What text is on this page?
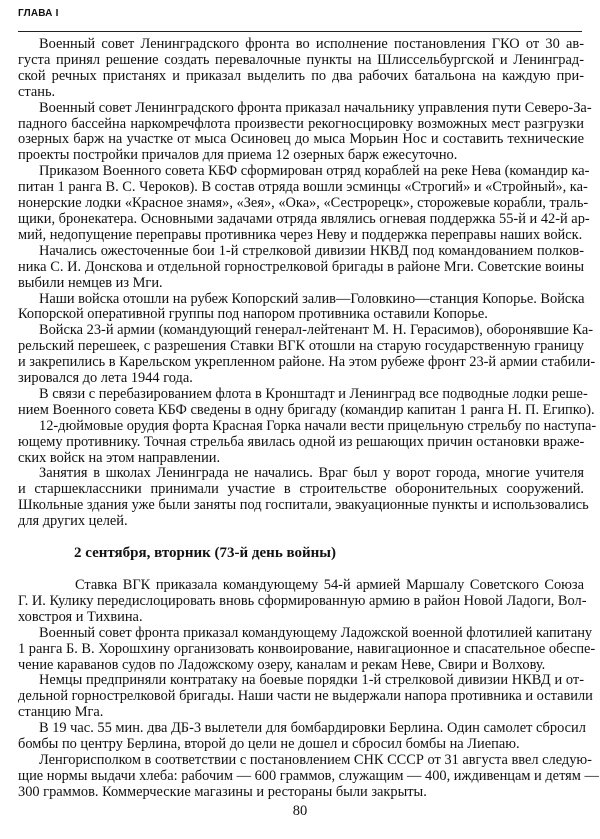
ГЛАВА I
Военный совет Ленинградского фронта во исполнение постановления ГКО от 30 ав-
густа принял решение создать перевалочные пункты на Шлиссельбургской и Ленинград-
ской речных пристанях и приказал выделить по два рабочих батальона на каждую при-
стань.
Военный совет Ленинградского фронта приказал начальнику управления пути Северо-За-
падного бассейна наркомречфлота произвести рекогносцировку возможных мест разгрузки
озерных барж на участке от мыса Осиновец до мыса Морьин Нос и составить технические
проекты постройки причалов для приема 12 озерных барж ежесуточно.
Приказом Военного совета КБФ сформирован отряд кораблей на реке Нева (командир ка-
питан 1 ранга В. С. Чероков). В состав отряда вошли эсминцы «Строгий» и «Стройный», ка-
нонерские лодки «Красное знамя», «Зея», «Ока», «Сестрорецк», сторожевые корабли, траль-
щики, бронекатера. Основными задачами отряда являлись огневая поддержка 55-й и 42-й ар-
мий, недопущение переправы противника через Неву и поддержка переправы наших войск.
Начались ожесточенные бои 1-й стрелковой дивизии НКВД под командованием полков-
ника С. И. Донскова и отдельной горнострелковой бригады в районе Мги. Советские воины
выбили немцев из Мги.
Наши войска отошли на рубеж Копорский залив—Головкино—станция Копорье. Войска
Копорской оперативной группы под напором противника оставили Копорье.
Войска 23-й армии (командующий генерал-лейтенант М. Н. Герасимов), оборонявшие Ка-
рельский перешеек, с разрешения Ставки ВГК отошли на старую государственную границу
и закрепились в Карельском укрепленном районе. На этом рубеже фронт 23-й армии стабили-
зировался до лета 1944 года.
В связи с перебазированием флота в Кронштадт и Ленинград все подводные лодки реше-
нием Военного совета КБФ сведены в одну бригаду (командир капитан 1 ранга Н. П. Египко).
12-дюймовые орудия форта Красная Горка начали вести прицельную стрельбу по наступа-
ющему противнику. Точная стрельба явилась одной из решающих причин остановки враже-
ских войск на этом направлении.
Занятия в школах Ленинграда не начались. Враг был у ворот города, многие учителя
и старшеклассники принимали участие в строительстве оборонительных сооружений.
Школьные здания уже были заняты под госпитали, эвакуационные пункты и использовались
для других целей.
2 сентября, вторник (73-й день войны)
Ставка ВГК приказала командующему 54-й армией Маршалу Советского Союза
Г. И. Кулику передислоцировать вновь сформированную армию в район Новой Ладоги, Вол-
ховстроя и Тихвина.
Военный совет фронта приказал командующему Ладожской военной флотилией капитану
1 ранга Б. В. Хорошхину организовать конвоирование, навигационное и спасательное обеспе-
чение караванов судов по Ладожскому озеру, каналам и рекам Неве, Свири и Волхову.
Немцы предприняли контратаку на боевые порядки 1-й стрелковой дивизии НКВД и от-
дельной горнострелковой бригады. Наши части не выдержали напора противника и оставили
станцию Мга.
В 19 час. 55 мин. два ДБ-3 вылетели для бомбардировки Берлина. Один самолет сбросил
бомбы по центру Берлина, второй до цели не дошел и сбросил бомбы на Лиепаю.
Ленгорисполком в соответствии с постановлением СНК СССР от 31 августа ввел следую-
щие нормы выдачи хлеба: рабочим — 600 граммов, служащим — 400, иждивенцам и детям —
300 граммов. Коммерческие магазины и рестораны были закрыты.
80
